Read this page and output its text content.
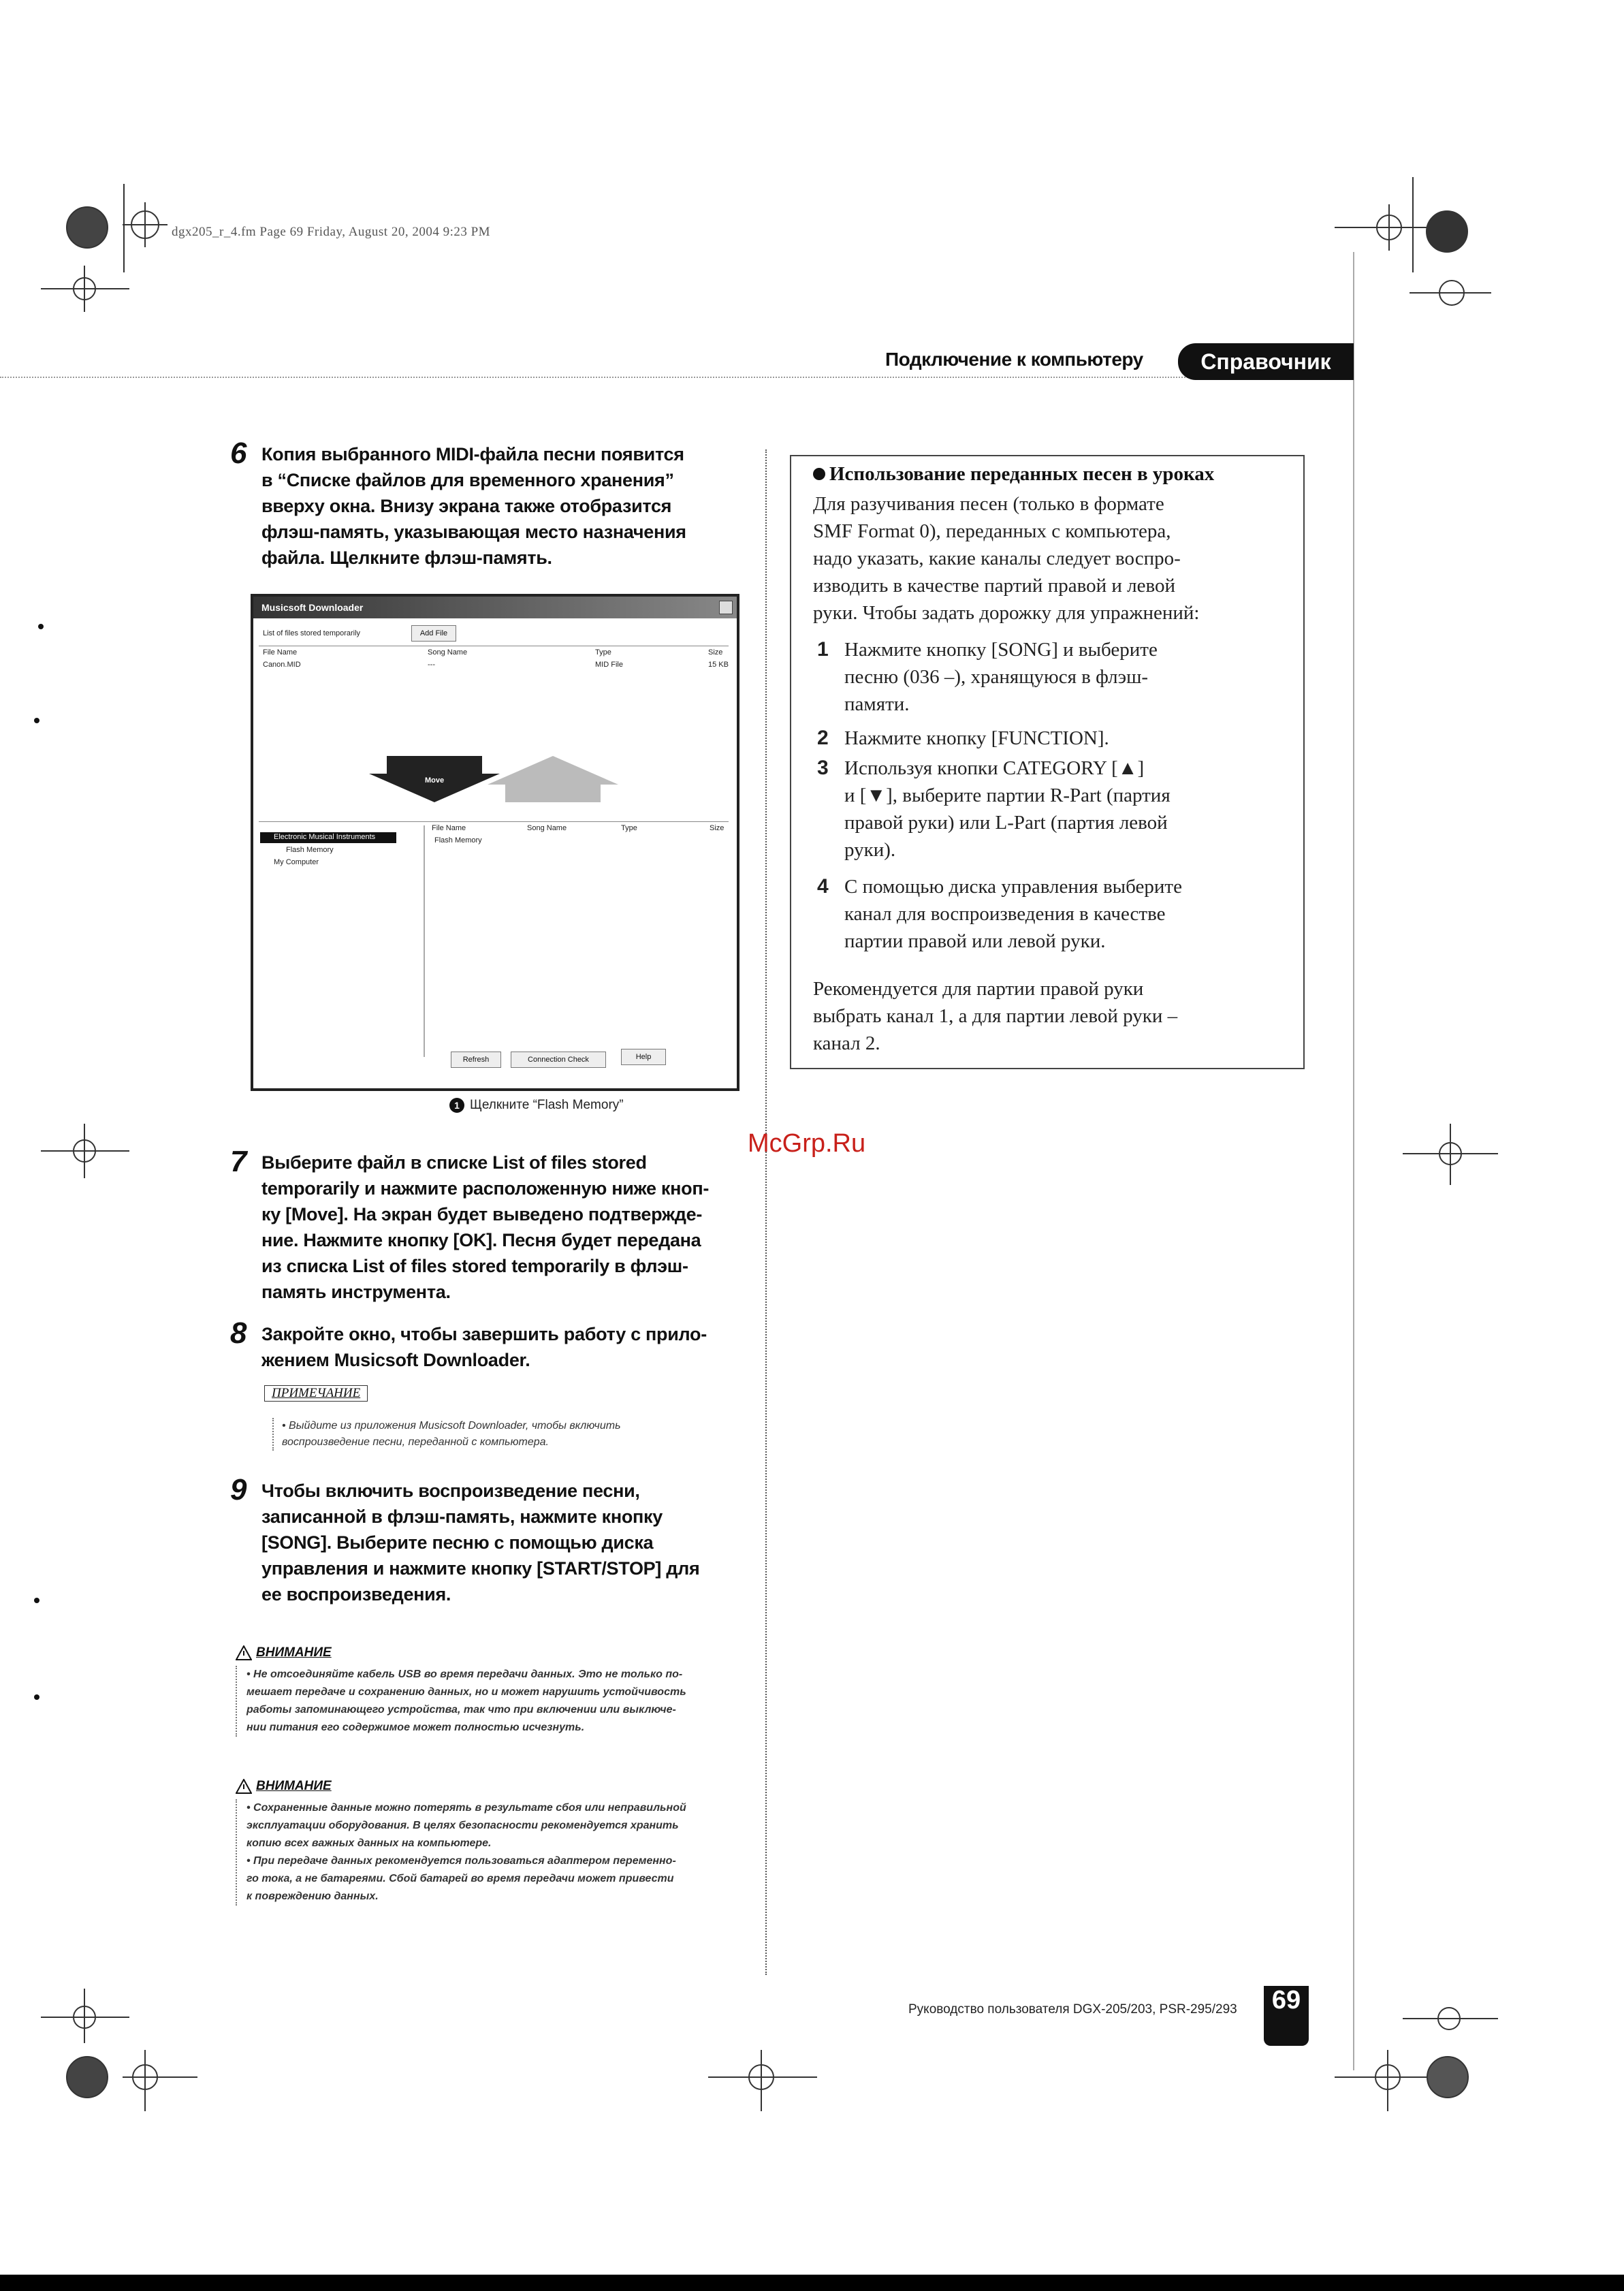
dgx205_r_4.fm Page 69 Friday, August 20, 2004 9:23 PM
Подключение к компьютеру	Справочник
6 Копия выбранного MIDI-файла песни появится
в “Списке файлов для временного хранения”
вверху окна. Внизу экрана также отобразится
флэш-память, указывающая место назначения
файла. Щелкните флэш-память.
Musicsoft Downloader
List of files stored temporarily	Add File
File Name	Song Name	Type	Size
Canon.MID	---	MID File	15 KB
Move
Electronic Musical Instruments
Flash Memory
My Computer
File Name	Song Name	Type	Size
Flash Memory
Refresh	Connection Check	Help
1 Щелкните “Flash Memory”
7 Выберите файл в списке List of files stored
temporarily и нажмите расположенную ниже кноп-
ку [Move]. На экран будет выведено подтвержде-
ние. Нажмите кнопку [OK]. Песня будет передана
из списка List of files stored temporarily в флэш-
память инструмента.
8 Закройте окно, чтобы завершить работу с прило-
жением Musicsoft Downloader.
ПРИМЕЧАНИЕ
• Выйдите из приложения Musicsoft Downloader, чтобы включить
воспроизведение песни, переданной с компьютера.
9 Чтобы включить воспроизведение песни,
записанной в флэш-память, нажмите кнопку
[SONG]. Выберите песню с помощью диска
управления и нажмите кнопку [START/STOP] для
ее воспроизведения.
ВНИМАНИЕ
• Не отсоединяйте кабель USB во время передачи данных. Это не только по-
мешает передаче и сохранению данных, но и может нарушить устойчивость
работы запоминающего устройства, так что при включении или выключе-
нии питания его содержимое может полностью исчезнуть.
ВНИМАНИЕ
• Сохраненные данные можно потерять в результате сбоя или неправильной
эксплуатации оборудования. В целях безопасности рекомендуется хранить
копию всех важных данных на компьютере.
• При передаче данных рекомендуется пользоваться адаптером переменно-
го тока, а не батареями. Сбой батарей во время передачи может привести
к повреждению данных.
Использование переданных песен в уроках
Для разучивания песен (только в формате
SMF Format 0), переданных с компьютера,
надо указать, какие каналы следует воспро-
изводить в качестве партий правой и левой
руки. Чтобы задать дорожку для упражнений:
1 Нажмите кнопку [SONG] и выберите
песню (036 –), хранящуюся в флэш-
памяти.
2 Нажмите кнопку [FUNCTION].
3 Используя кнопки CATEGORY [▲]
и [▼], выберите партии R-Part (партия
правой руки) или L-Part (партия левой
руки).
4 С помощью диска управления выберите
канал для воспроизведения в качестве
партии правой или левой руки.
Рекомендуется для партии правой руки
выбрать канал 1, а для партии левой руки –
канал 2.
McGrp.Ru
Руководство пользователя DGX-205/203, PSR-295/293	69
